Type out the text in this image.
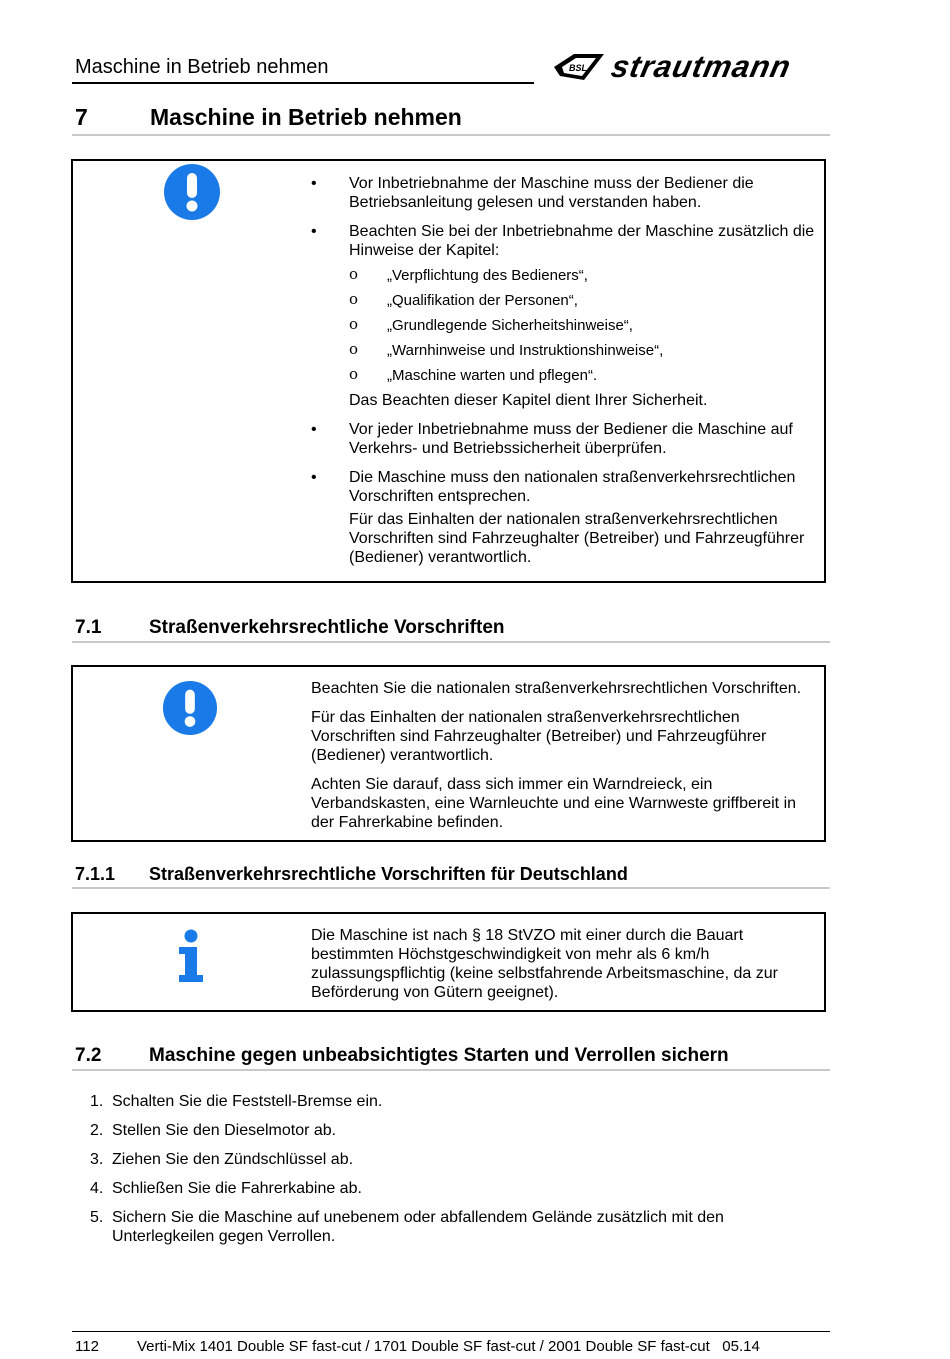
Maschine in Betrieb nehmen	BSL strautmann
7	Maschine in Betrieb nehmen
•	Vor Inbetriebnahme der Maschine muss der Bediener die Betriebsanleitung gelesen und verstanden haben.
•	Beachten Sie bei der Inbetriebnahme der Maschine zusätzlich die Hinweise der Kapitel:
ο „Verpflichtung des Bedieners“,
ο „Qualifikation der Personen“,
ο „Grundlegende Sicherheitshinweise“,
ο „Warnhinweise und Instruktionshinweise“,
ο „Maschine warten und pflegen“.

Das Beachten dieser Kapitel dient Ihrer Sicherheit.

•	Vor jeder Inbetriebnahme muss der Bediener die Maschine auf Verkehrs- und Betriebssicherheit überprüfen.
•	Die Maschine muss den nationalen straßenverkehrsrechtlichen Vorschriften entsprechen.

Für das Einhalten der nationalen straßenverkehrsrechtlichen Vorschriften sind Fahrzeughalter (Betreiber) und Fahrzeugführer (Bediener) verantwortlich.

7.1	Straßenverkehrsrechtliche Vorschriften

Beachten Sie die nationalen straßenverkehrsrechtlichen Vorschriften.

Für das Einhalten der nationalen straßenverkehrsrechtlichen Vorschriften sind Fahrzeughalter (Betreiber) und Fahrzeugführer (Bediener) verantwortlich.

Achten Sie darauf, dass sich immer ein Warndreieck, ein Verbandskasten, eine Warnleuchte und eine Warnweste griffbereit in der Fahrerkabine befinden.

7.1.1 Straßenverkehrsrechtliche Vorschriften für Deutschland

Die Maschine ist nach § 18 StVZO mit einer durch die Bauart bestimmten Höchstgeschwindigkeit von mehr als 6 km/h zulassungspflichtig (keine selbstfahrende Arbeitsmaschine, da zur Beförderung von Gütern geeignet).

7.2	Maschine gegen unbeabsichtigtes Starten und Verrollen sichern
1. Schalten Sie die Feststell-Bremse ein.
2. Stellen Sie den Dieselmotor ab.
3. Ziehen Sie den Zündschlüssel ab.
4. Schließen Sie die Fahrerkabine ab.
5. Sichern Sie die Maschine auf unebenem oder abfallendem Gelände zusätzlich mit den Unterlegkeilen gegen Verrollen.
112	Verti-Mix 1401 Double SF fast-cut / 1701 Double SF fast-cut / 2001 Double SF fast-cut   05.14
